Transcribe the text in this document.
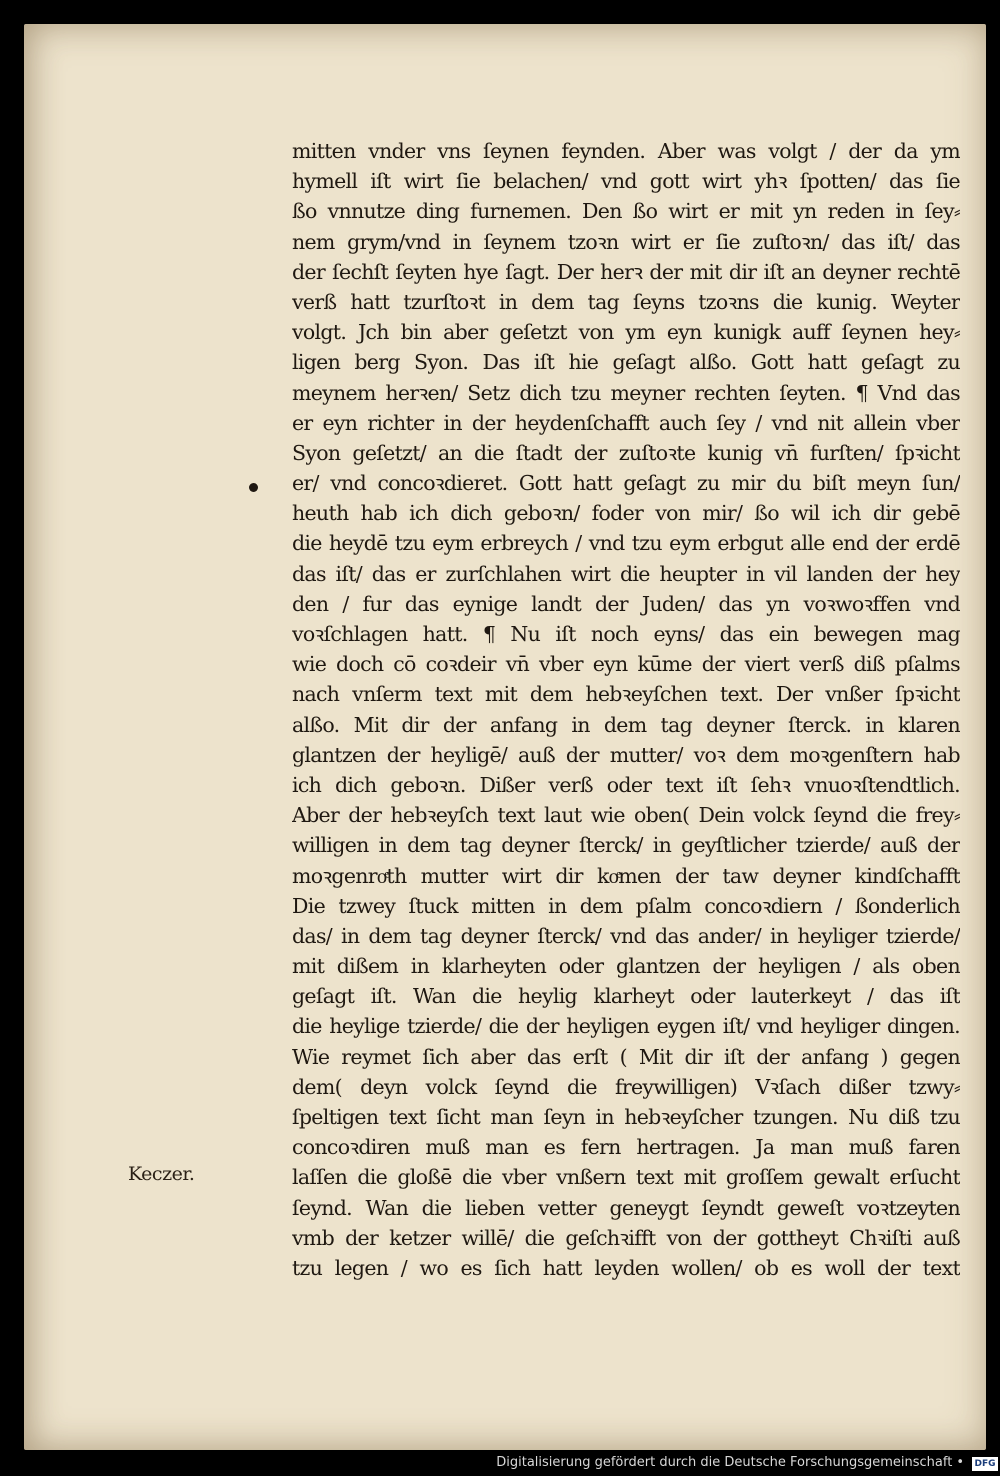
mitten vnder vns ſeynen feynden. Aber was volgt / der da ym
hymell iſt wirt ſie belachen/ vnd gott wirt yhꝛ ſpotten/ das ſie
ßo vnnutze ding furnemen. Den ßo wirt er mit yn reden in ſey⸗
nem grym/vnd in ſeynem tzoꝛn wirt er ſie zuſtoꝛn/ das iſt/ das
der ſechſt ſeyten hye ſagt. Der herꝛ der mit dir iſt an deyner rechtē
verß hatt tzurſtoꝛt in dem tag ſeyns tzoꝛns die kunig. Weyter
volgt. Jch bin aber geſetzt von ym eyn kunigk auff ſeynen hey⸗
ligen berg Syon. Das iſt hie geſagt alßo. Gott hatt geſagt zu
meynem herꝛen/ Setz dich tzu meyner rechten ſeyten. ¶ Vnd das
er eyn richter in der heydenſchafft auch ſey / vnd nit allein vber
Syon geſetzt/ an die ſtadt der zuſtoꝛte kunig vn̄ furſten/ ſpꝛicht
er/ vnd concoꝛdieret. Gott hatt geſagt zu mir du biſt meyn ſun/
heuth hab ich dich geboꝛn/ foder von mir/ ßo wil ich dir gebē
die heydē tzu eym erbreych / vnd tzu eym erbgut alle end der erdē
das iſt/ das er zurſchlahen wirt die heupter in vil landen der hey
den / fur das eynige landt der Juden/ das yn voꝛwoꝛffen vnd
voꝛſchlagen hatt. ¶ Nu iſt noch eyns/ das ein bewegen mag
wie doch cō coꝛdeir vn̄ vber eyn kūme der viert verß diß pſalms
nach vnſerm text mit dem hebꝛeyſchen text. Der vnßer ſpꝛicht
alßo. Mit dir der anfang in dem tag deyner ſterck. in klaren
glantzen der heyligē/ auß der mutter/ voꝛ dem moꝛgenſtern hab
ich dich geboꝛn. Dißer verß oder text iſt ſehꝛ vnuoꝛſtendtlich.
Aber der hebꝛeyſch text laut wie oben( Dein volck ſeynd die frey⸗
willigen in dem tag deyner ſterck/ in geyſtlicher tzierde/ auß der
moꝛgenroͤth mutter wirt dir koͤmen der taw deyner kindſchafft
Die tzwey ſtuck mitten in dem pſalm concoꝛdiern / ßonderlich
das/ in dem tag deyner ſterck/ vnd das ander/ in heyliger tzierde/
mit dißem in klarheyten oder glantzen der heyligen / als oben
geſagt iſt. Wan die heylig klarheyt oder lauterkeyt / das iſt
die heylige tzierde/ die der heyligen eygen iſt/ vnd heyliger dingen.
Wie reymet ſich aber das erſt ( Mit dir iſt der anfang ) gegen
dem( deyn volck ſeynd die freywilligen) Vꝛſach dißer tzwy⸗
ſpeltigen text ſicht man ſeyn in hebꝛeyſcher tzungen. Nu diß tzu
concoꝛdiren muß man es fern hertragen. Ja man muß faren
laſſen die gloßē die vber vnßern text mit groſſem gewalt erſucht
ſeynd. Wan die lieben vetter geneygt ſeyndt geweſt voꝛtzeyten
vmb der ketzer willē/ die geſchꝛifft von der gottheyt Chꝛiſti auß
tzu legen / wo es ſich hatt leyden wollen/ ob es woll der text
Keczer.
Digitalisierung gefördert durch die Deutsche Forschungsgemeinschaft •	DFG
